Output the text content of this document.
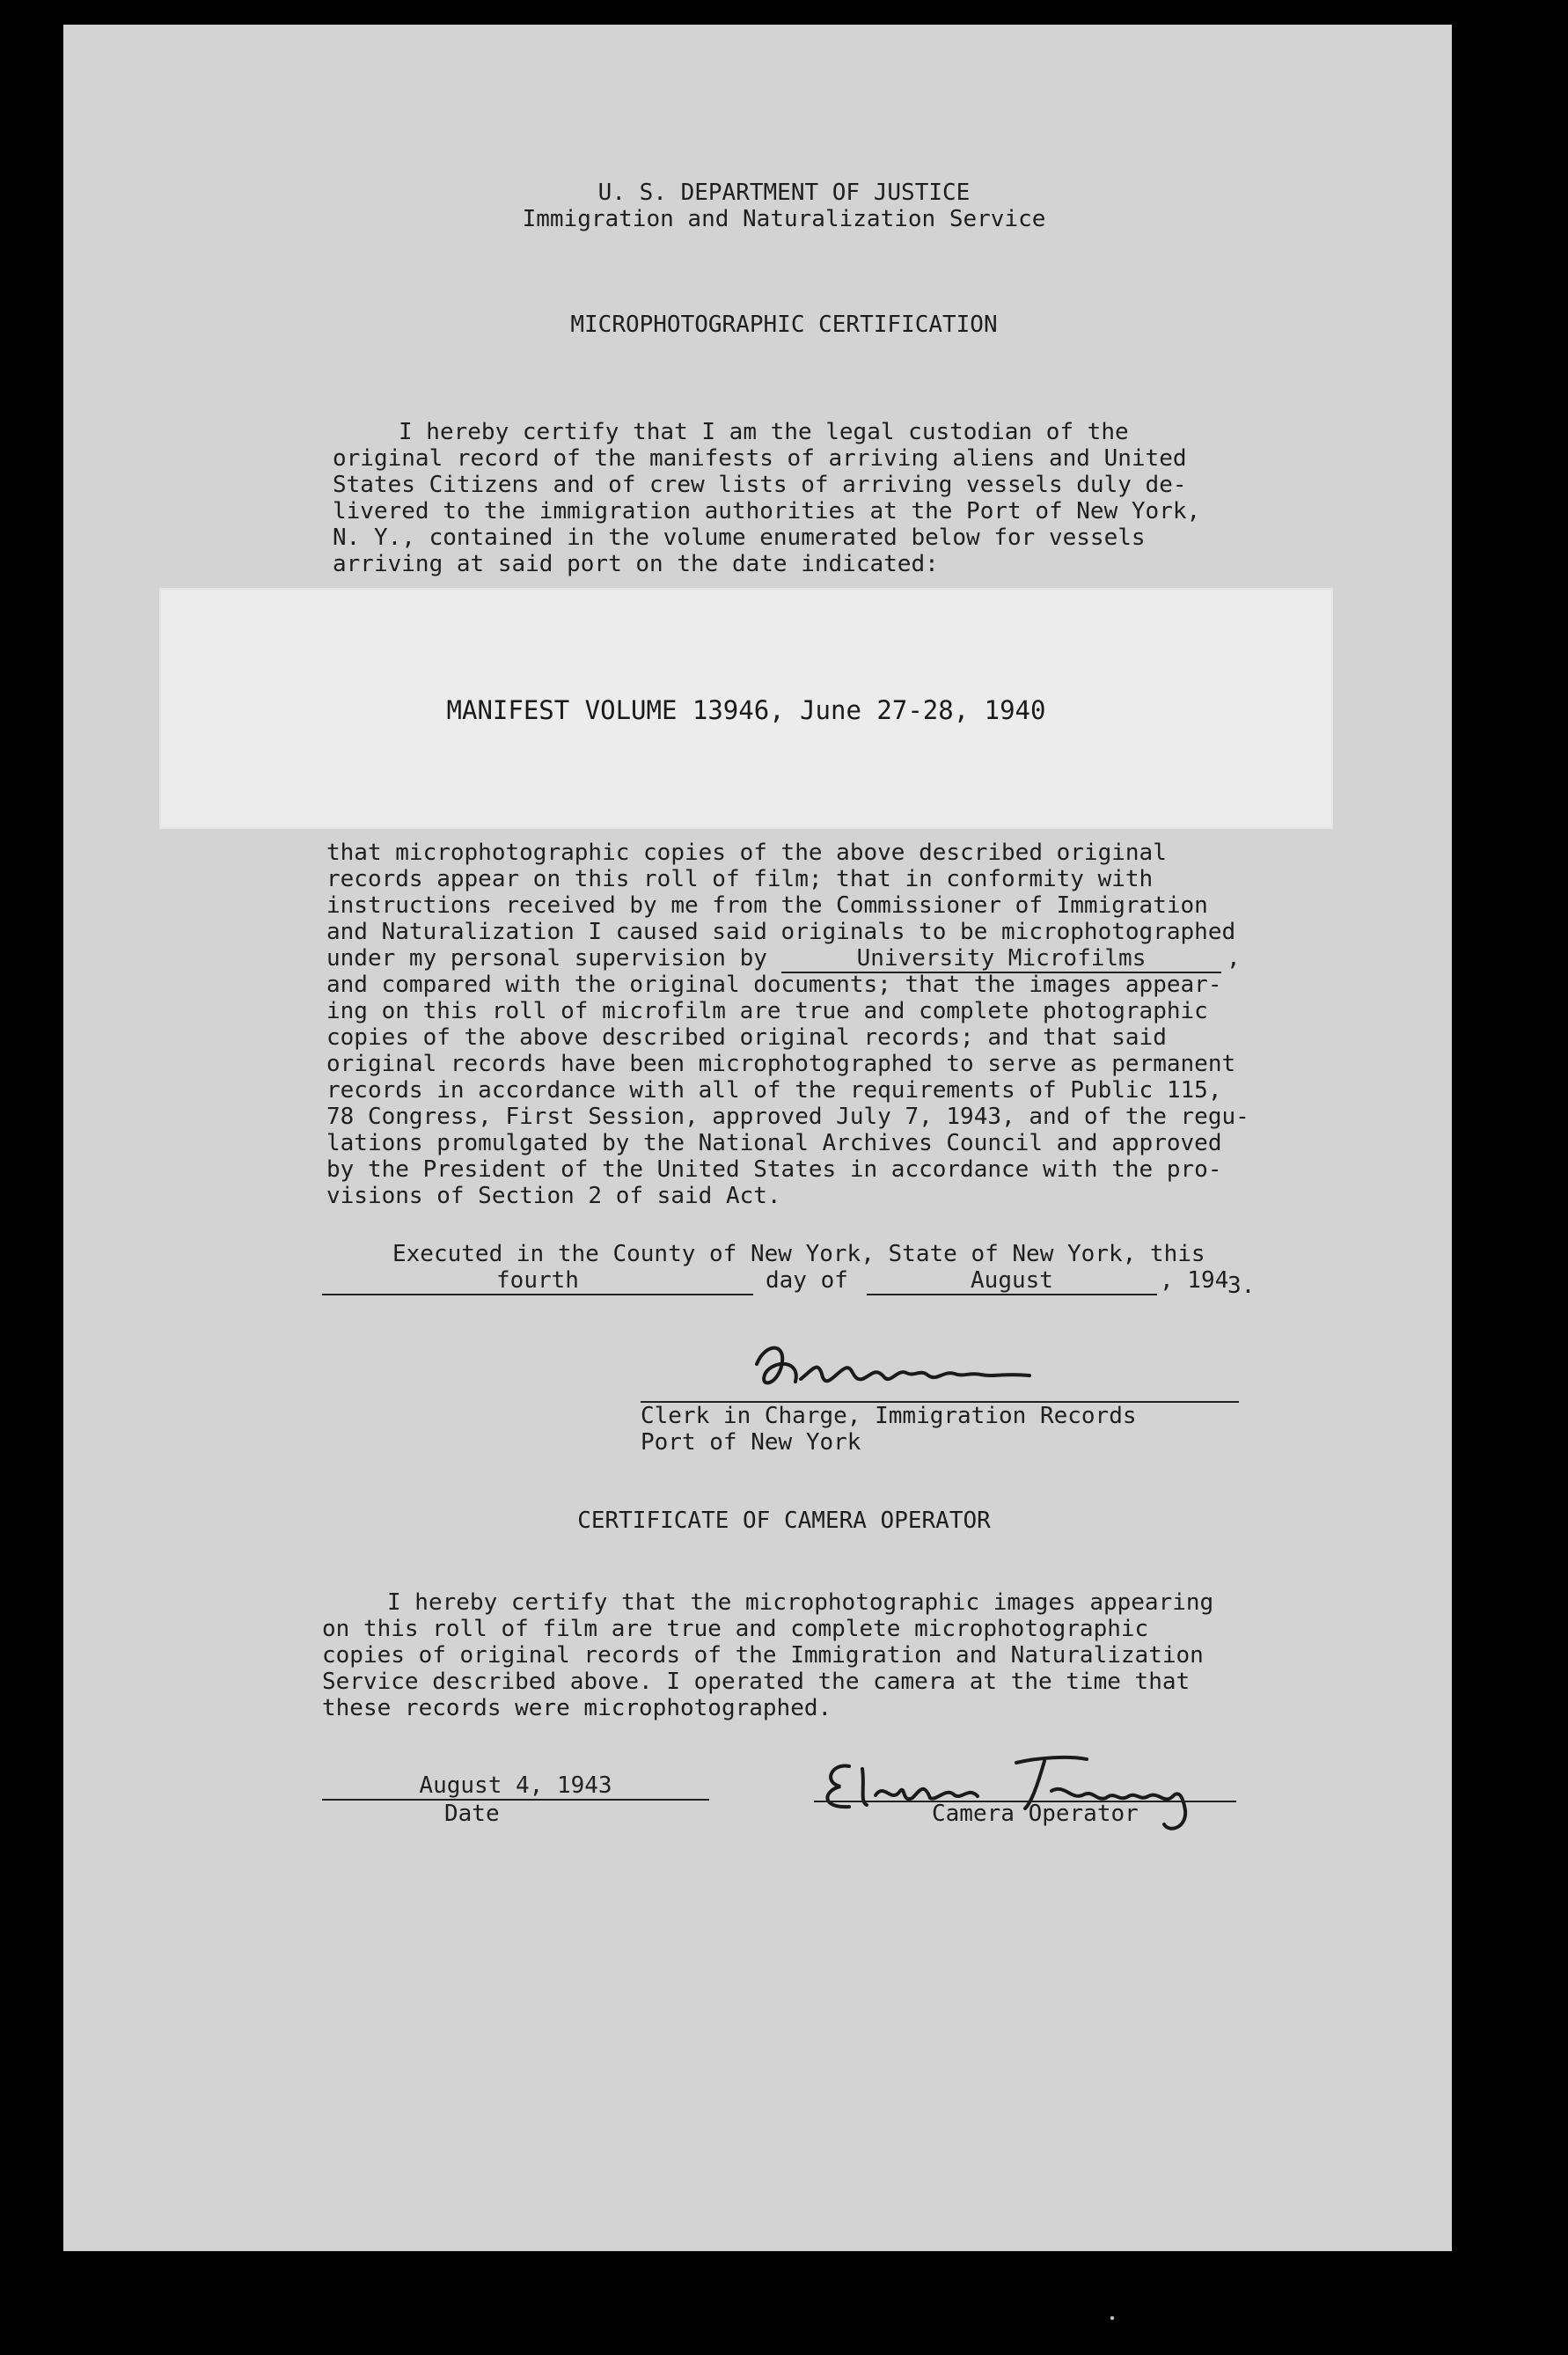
U. S. DEPARTMENT OF JUSTICE
Immigration and Naturalization Service
MICROPHOTOGRAPHIC CERTIFICATION
I hereby certify that I am the legal custodian of the
original record of the manifests of arriving aliens and United
States Citizens and of crew lists of arriving vessels duly de-
livered to the immigration authorities at the Port of New York,
N. Y., contained in the volume enumerated below for vessels
arriving at said port on the date indicated:
MANIFEST VOLUME 13946, June 27-28, 1940
that microphotographic copies of the above described original
records appear on this roll of film; that in conformity with
instructions received by me from the Commissioner of Immigration
and Naturalization I caused said originals to be microphotographed
under my personal supervision by	University Microfilms	,
and compared with the original documents; that the images appear-
ing on this roll of microfilm are true and complete photographic
copies of the above described original records; and that said
original records have been microphotographed to serve as permanent
records in accordance with all of the requirements of Public 115,
78 Congress, First Session, approved July 7, 1943, and of the regu-
lations promulgated by the National Archives Council and approved
by the President of the United States in accordance with the pro-
visions of Section 2 of said Act.
Executed in the County of New York, State of New York, this
fourth	day of	August	, 194
3.
Clerk in Charge, Immigration Records
Port of New York
CERTIFICATE OF CAMERA OPERATOR
I hereby certify that the microphotographic images appearing
on this roll of film are true and complete microphotographic
copies of original records of the Immigration and Naturalization
Service described above. I operated the camera at the time that
these records were microphotographed.
August 4, 1943
Date	Camera Operator
